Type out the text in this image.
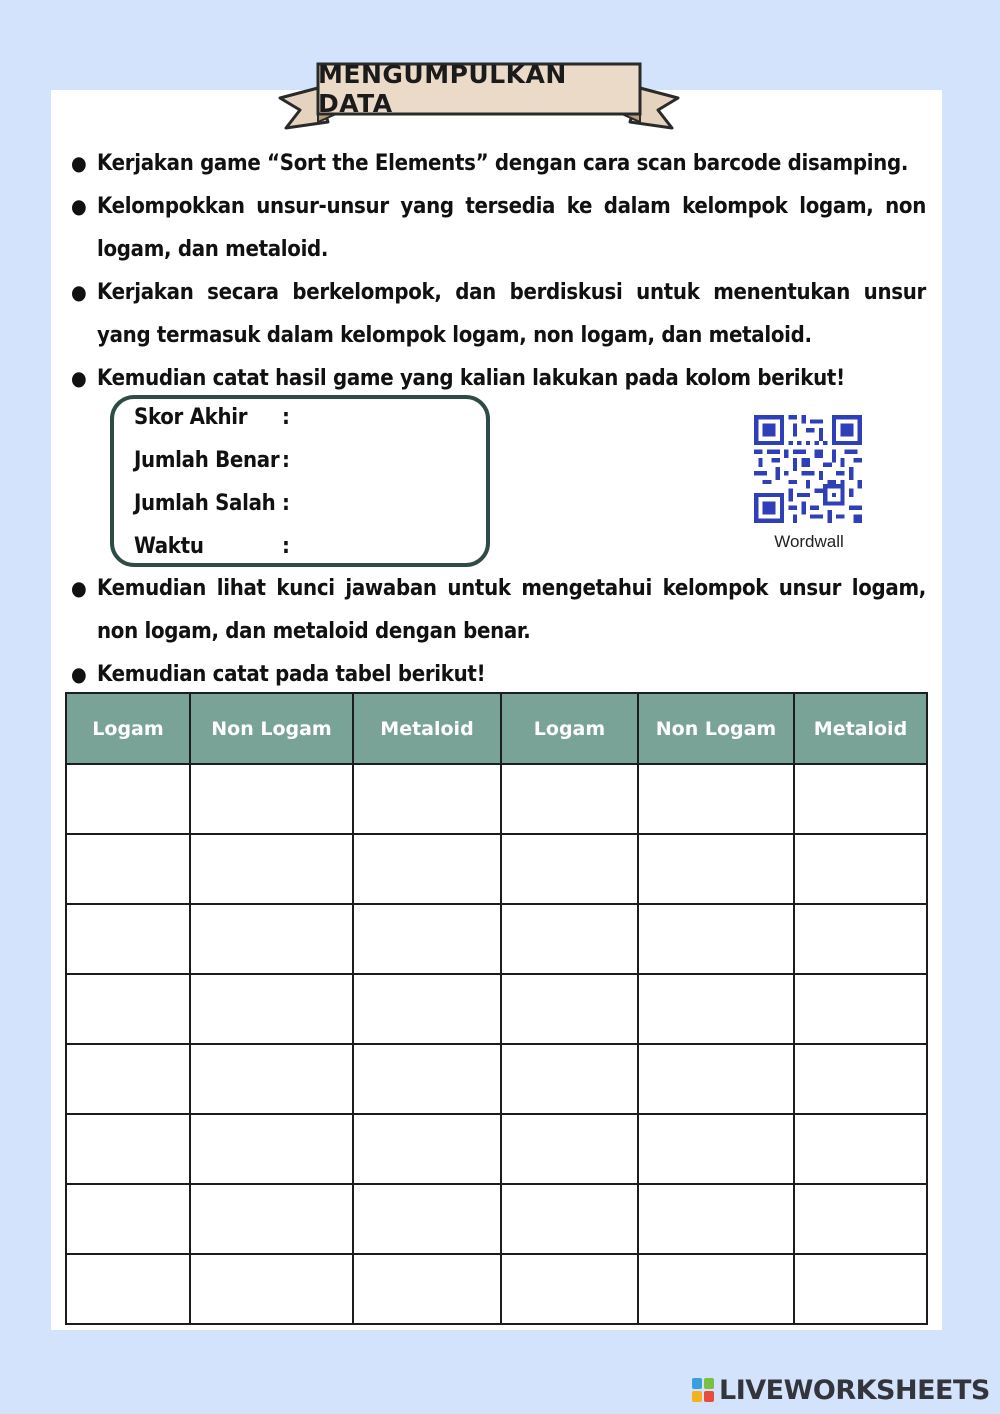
MENGUMPULKAN DATA
● Kerjakan game “Sort the Elements” dengan cara scan barcode disamping.
● Kelompokkan unsur-unsur yang tersedia ke dalam kelompok logam, non logam, dan metaloid.
● Kerjakan secara berkelompok, dan berdiskusi untuk menentukan unsur yang termasuk dalam kelompok logam, non logam, dan metaloid.
● Kemudian catat hasil game yang kalian lakukan pada kolom berikut!
Skor Akhir :
Jumlah Benar :
Jumlah Salah :
Waktu	:	Wordwall
● Kemudian lihat kunci jawaban untuk mengetahui kelompok unsur logam, non logam, dan metaloid dengan benar.
● Kemudian catat pada tabel berikut!
Logam	Non Logam	Metaloid	Logam	Non Logam	Metaloid

LIVEWORKSHEETS
